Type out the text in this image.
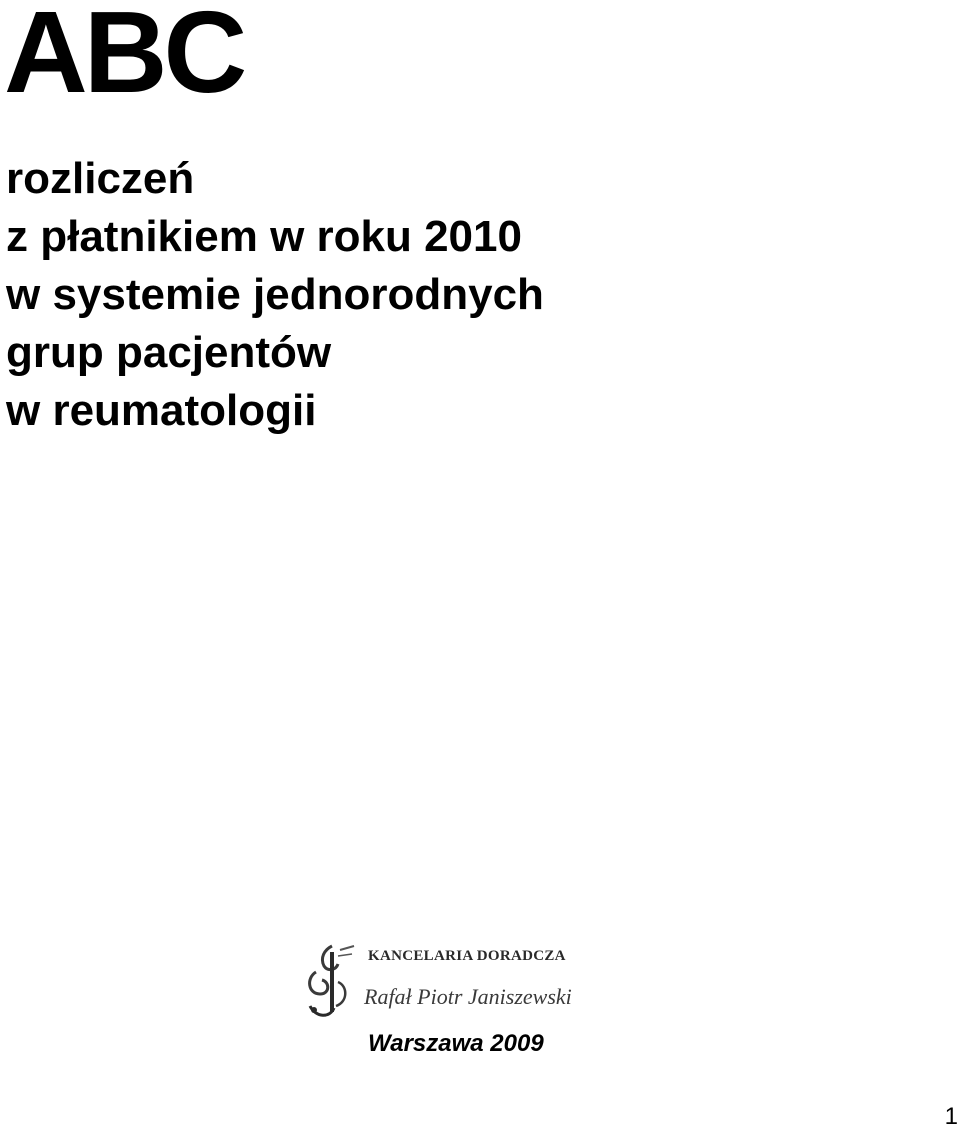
ABC
rozliczeń
z płatnikiem w roku 2010
w systemie jednorodnych
grup pacjentów
w reumatologii
KANCELARIA DORADCZA
Rafał Piotr Janiszewski
Warszawa 2009
1
